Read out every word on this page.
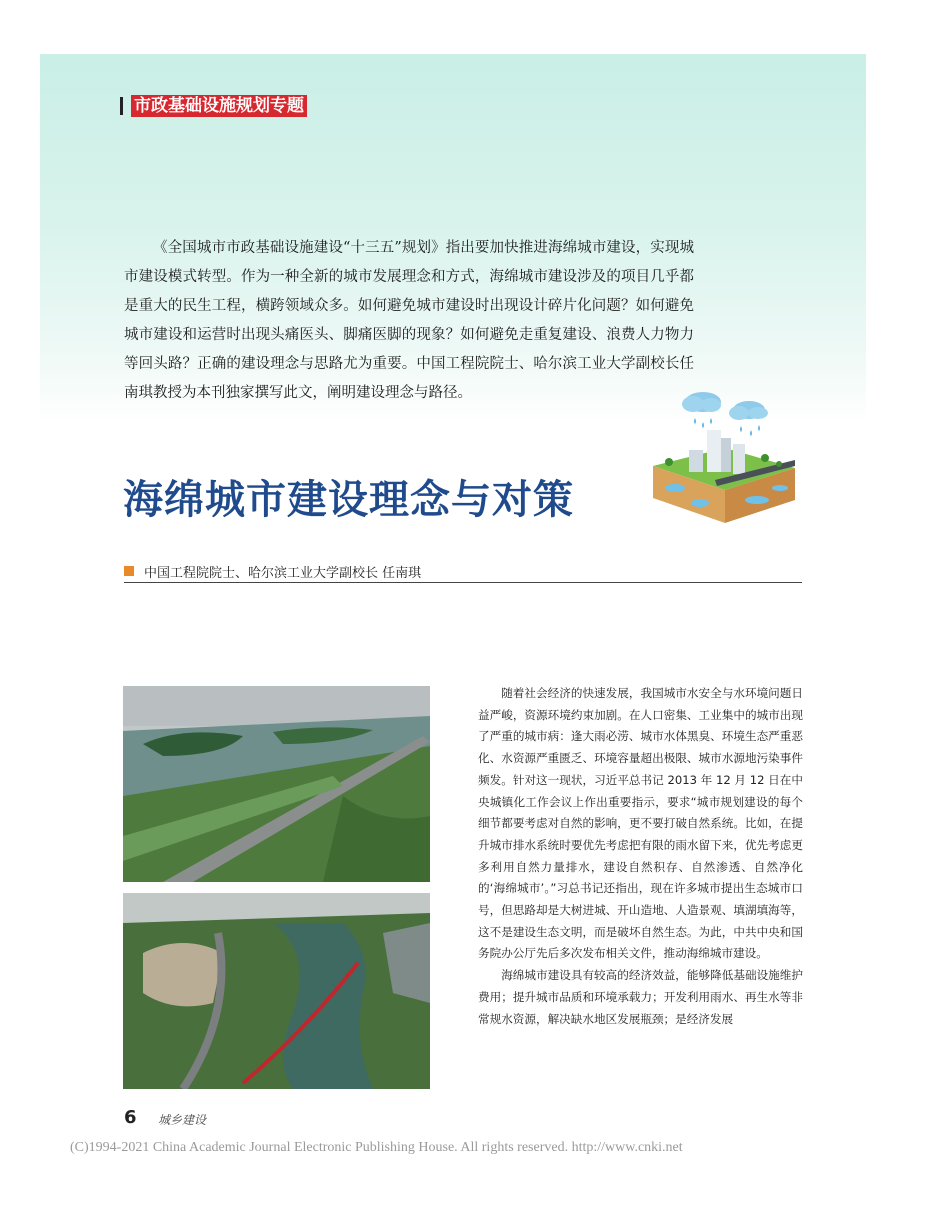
市政基础设施规划专题

《全国城市市政基础设施建设“十三五”规划》指出要加快推进海绵城市建设，实现城市建设模式转型。作为一种全新的城市发展理念和方式，海绵城市建设涉及的项目几乎都是重大的民生工程，横跨领域众多。如何避免城市建设时出现设计碎片化问题？如何避免城市建设和运营时出现头痛医头、脚痛医脚的现象？如何避免走重复建设、浪费人力物力等回头路？正确的建设理念与思路尤为重要。中国工程院院士、哈尔滨工业大学副校长任南琪教授为本刊独家撰写此文，阐明建设理念与路径。

海绵城市建设理念与对策
中国工程院院士、哈尔滨工业大学副校长 任南琪

随着社会经济的快速发展，我国城市水安全与水环境问题日益严峻，资源环境约束加剧。在人口密集、工业集中的城市出现了严重的城市病：逢大雨必涝、城市水体黑臭、环境生态严重恶化、水资源严重匮乏、环境容量超出极限、城市水源地污染事件频发。针对这一现状，习近平总书记 2013 年 12 月 12 日在中央城镇化工作会议上作出重要指示，要求“城市规划建设的每个细节都要考虑对自然的影响，更不要打破自然系统。比如，在提升城市排水系统时要优先考虑把有限的雨水留下来，优先考虑更多利用自然力量排水，建设自然积存、自然渗透、自然净化的‘海绵城市’。”习总书记还指出，现在许多城市提出生态城市口号，但思路却是大树进城、开山造地、人造景观、填湖填海等，这不是建设生态文明，而是破坏自然生态。为此，中共中央和国务院办公厅先后多次发布相关文件，推动海绵城市建设。

海绵城市建设具有较高的经济效益，能够降低基础设施维护费用；提升城市品质和环境承载力；开发利用雨水、再生水等非常规水资源，解决缺水地区发展瓶颈；是经济发展

6 城乡建设
(C)1994-2021 China Academic Journal Electronic Publishing House. All rights reserved. http://www.cnki.net
